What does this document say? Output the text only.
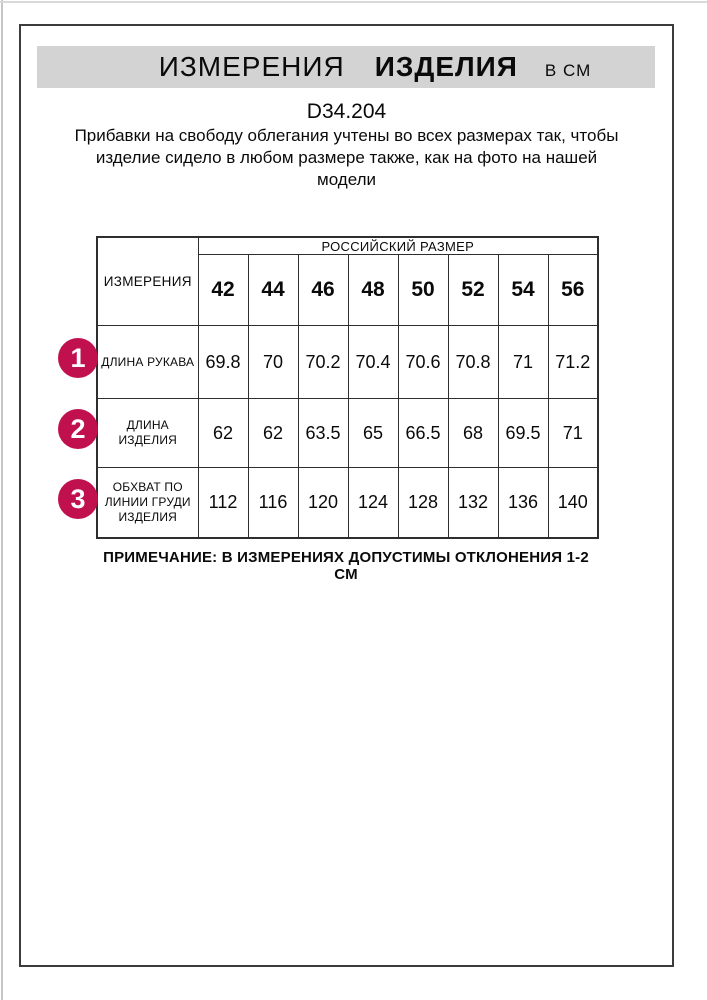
ИЗМЕРЕНИЯ ИЗДЕЛИЯ В СМ
D34.204
Прибавки на свободу облегания учтены во всех размерах так, чтобы
изделие сидело в любом размере также, как на фото на нашей
модели
ИЗМЕРЕНИЯ	РОССИЙСКИЙ РАЗМЕР							
	42	44	46	48	50	52	54	56
ДЛИНА РУКАВА	69.8	70	70.2	70.4	70.6	70.8	71	71.2
ДЛИНА ИЗДЕЛИЯ	62	62	63.5	65	66.5	68	69.5	71
ОБХВАТ ПО ЛИНИИ ГРУДИ ИЗДЕЛИЯ	112	116	120	124	128	132	136	140
1
2
3
ПРИМЕЧАНИЕ: В ИЗМЕРЕНИЯХ ДОПУСТИМЫ ОТКЛОНЕНИЯ 1-2 СМ
